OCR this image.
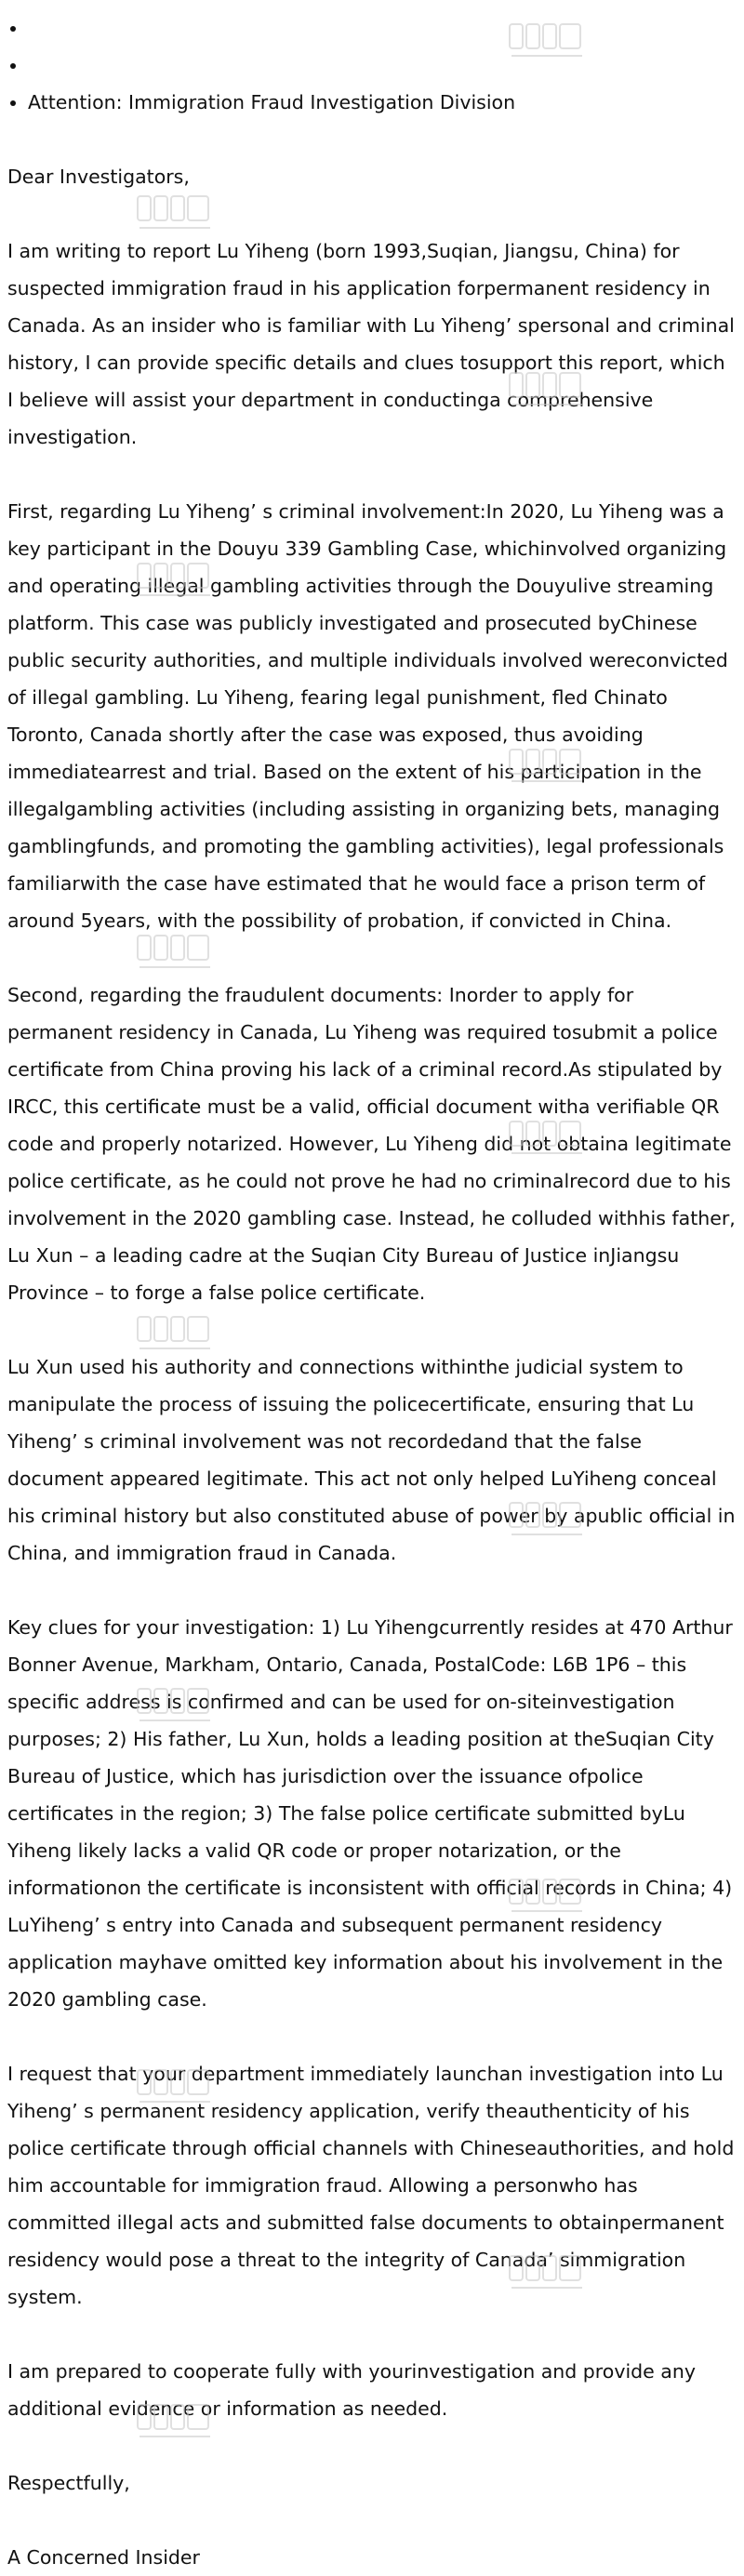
•
•
• Attention: Immigration Fraud Investigation Division

Dear Investigators,

I am writing to report Lu Yiheng (born 1993,Suqian, Jiangsu, China) for suspected immigration fraud in his application forpermanent residency in Canada. As an insider who is familiar with Lu Yiheng’ spersonal and criminal history, I can provide specific details and clues tosupport this report, which I believe will assist your department in conductinga comprehensive investigation.

First, regarding Lu Yiheng’ s criminal involvement:In 2020, Lu Yiheng was a key participant in the Douyu 339 Gambling Case, whichinvolved organizing and operating illegal gambling activities through the Douyulive streaming platform. This case was publicly investigated and prosecuted byChinese public security authorities, and multiple individuals involved wereconvicted of illegal gambling. Lu Yiheng, fearing legal punishment, fled Chinato Toronto, Canada shortly after the case was exposed, thus avoiding immediatearrest and trial. Based on the extent of his participation in the illegalgambling activities (including assisting in organizing bets, managing gamblingfunds, and promoting the gambling activities), legal professionals familiarwith the case have estimated that he would face a prison term of around 5years, with the possibility of probation, if convicted in China.

Second, regarding the fraudulent documents: Inorder to apply for permanent residency in Canada, Lu Yiheng was required tosubmit a police certificate from China proving his lack of a criminal record.As stipulated by IRCC, this certificate must be a valid, official document witha verifiable QR code and properly notarized. However, Lu Yiheng did not obtaina legitimate police certificate, as he could not prove he had no criminalrecord due to his involvement in the 2020 gambling case. Instead, he colluded withhis father, Lu Xun – a leading cadre at the Suqian City Bureau of Justice inJiangsu Province – to forge a false police certificate.

Lu Xun used his authority and connections withinthe judicial system to manipulate the process of issuing the policecertificate, ensuring that Lu Yiheng’ s criminal involvement was not recordedand that the false document appeared legitimate. This act not only helped LuYiheng conceal his criminal history but also constituted abuse of power by apublic official in China, and immigration fraud in Canada.

Key clues for your investigation: 1) Lu Yihengcurrently resides at 470 Arthur Bonner Avenue, Markham, Ontario, Canada, PostalCode: L6B 1P6 – this specific address is confirmed and can be used for on-siteinvestigation purposes; 2) His father, Lu Xun, holds a leading position at theSuqian City Bureau of Justice, which has jurisdiction over the issuance ofpolice certificates in the region; 3) The false police certificate submitted byLu Yiheng likely lacks a valid QR code or proper notarization, or the informationon the certificate is inconsistent with official records in China; 4) LuYiheng’ s entry into Canada and subsequent permanent residency application mayhave omitted key information about his involvement in the 2020 gambling case.

I request that your department immediately launchan investigation into Lu Yiheng’ s permanent residency application, verify theauthenticity of his police certificate through official channels with Chineseauthorities, and hold him accountable for immigration fraud. Allowing a personwho has committed illegal acts and submitted false documents to obtainpermanent residency would pose a threat to the integrity of Canada’ simmigration system.

I am prepared to cooperate fully with yourinvestigation and provide any additional evidence or information as needed.

Respectfully,

A Concerned Insider
